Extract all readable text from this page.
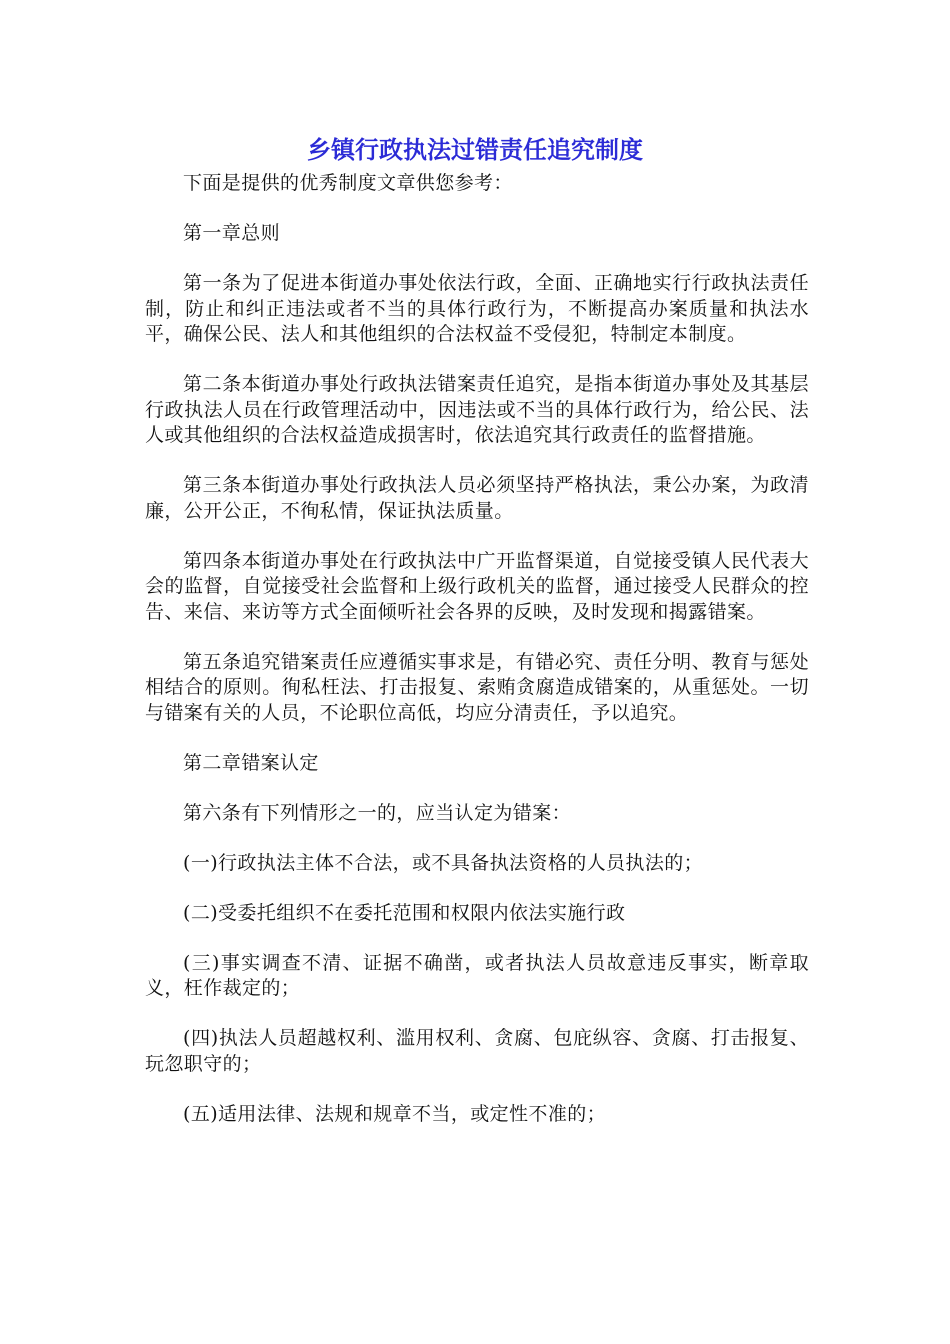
乡镇行政执法过错责任追究制度

下面是提供的优秀制度文章供您参考：

第一章总则

第一条为了促进本街道办事处依法行政，全面、正确地实行行政执法责任制，防止和纠正违法或者不当的具体行政行为，不断提高办案质量和执法水平，确保公民、法人和其他组织的合法权益不受侵犯，特制定本制度。

第二条本街道办事处行政执法错案责任追究，是指本街道办事处及其基层行政执法人员在行政管理活动中，因违法或不当的具体行政行为，给公民、法人或其他组织的合法权益造成损害时，依法追究其行政责任的监督措施。

第三条本街道办事处行政执法人员必须坚持严格执法，秉公办案，为政清廉，公开公正，不徇私情，保证执法质量。

第四条本街道办事处在行政执法中广开监督渠道，自觉接受镇人民代表大会的监督，自觉接受社会监督和上级行政机关的监督，通过接受人民群众的控告、来信、来访等方式全面倾听社会各界的反映，及时发现和揭露错案。

第五条追究错案责任应遵循实事求是，有错必究、责任分明、教育与惩处相结合的原则。徇私枉法、打击报复、索贿贪腐造成错案的，从重惩处。一切与错案有关的人员，不论职位高低，均应分清责任，予以追究。

第二章错案认定

第六条有下列情形之一的，应当认定为错案：

(一)行政执法主体不合法，或不具备执法资格的人员执法的；

(二)受委托组织不在委托范围和权限内依法实施行政

(三)事实调查不清、证据不确凿，或者执法人员故意违反事实，断章取义，枉作裁定的；

(四)执法人员超越权利、滥用权利、贪腐、包庇纵容、贪腐、打击报复、玩忽职守的；

(五)适用法律、法规和规章不当，或定性不准的；
